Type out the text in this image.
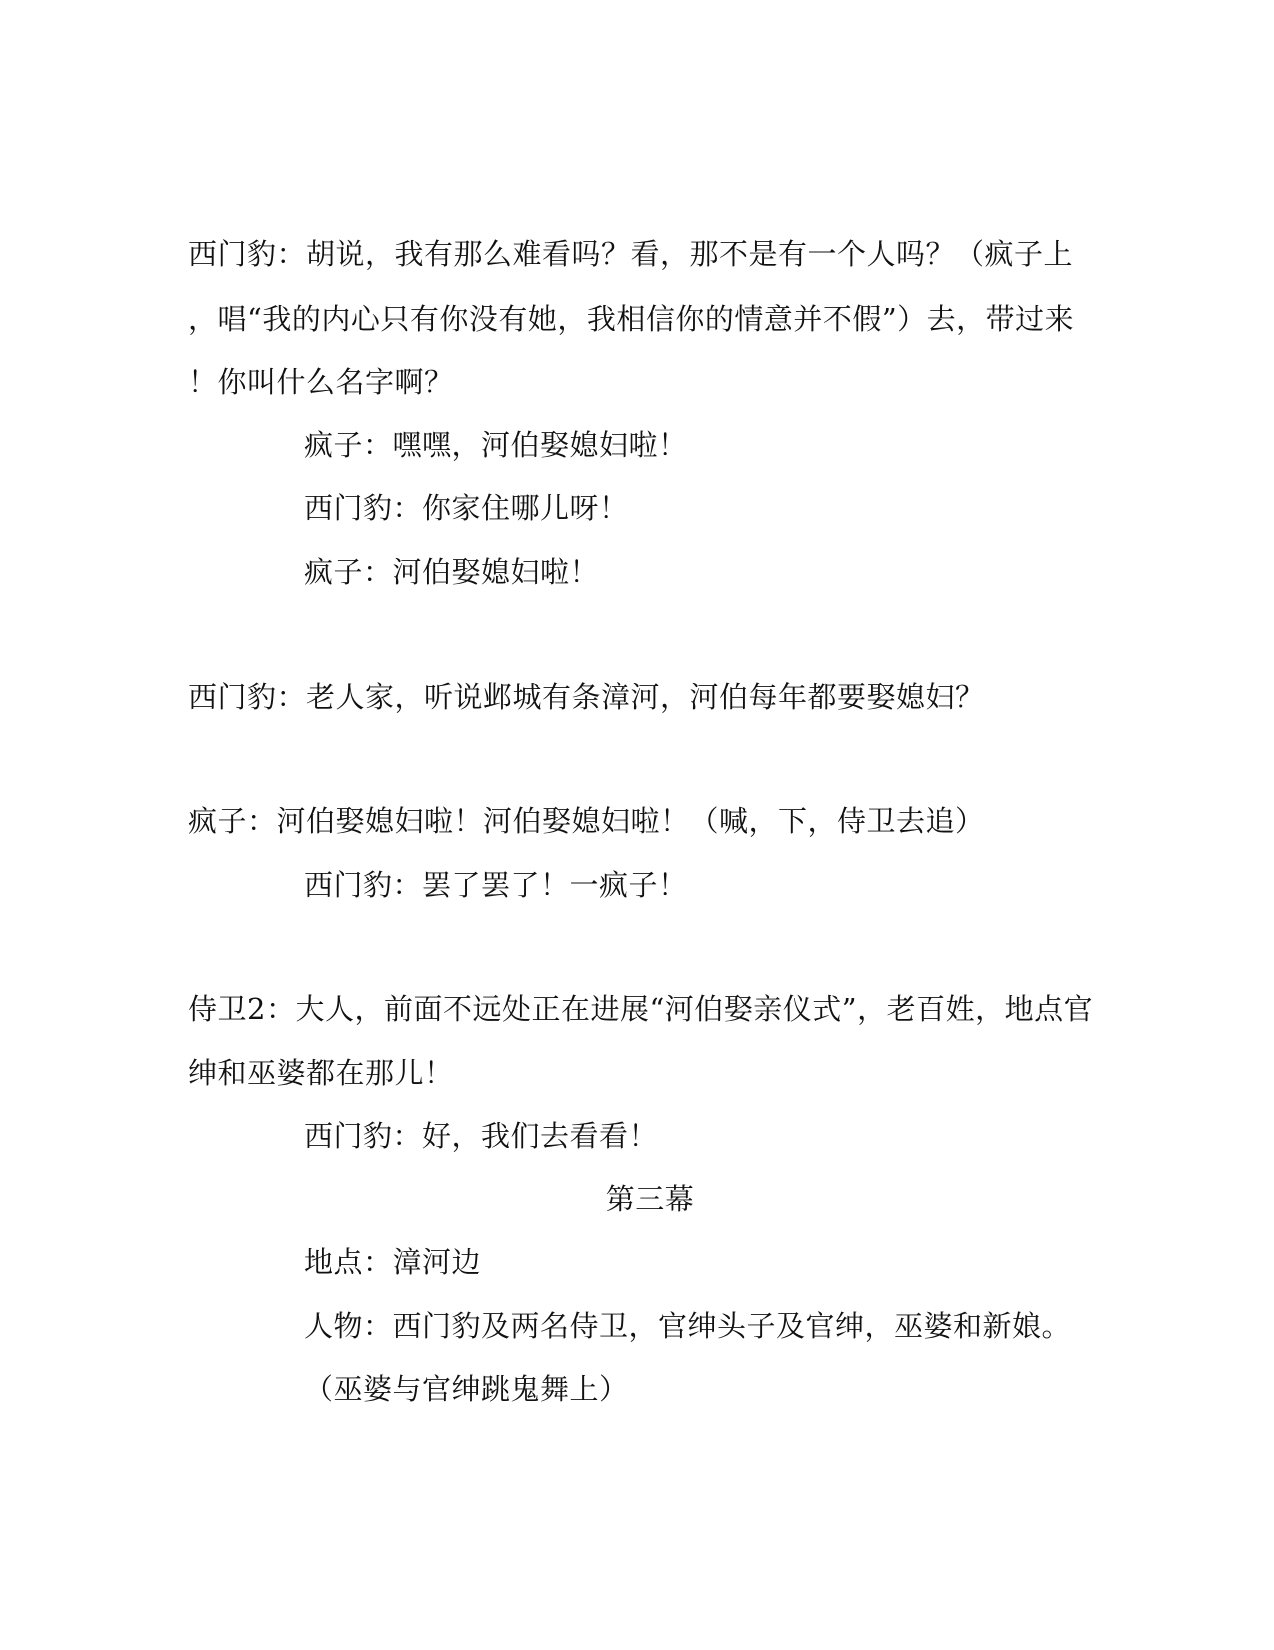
西门豹：胡说，我有那么难看吗？看，那不是有一个人吗？（疯子上
，唱“我的内心只有你没有她，我相信你的情意并不假”）去，带过来
！你叫什么名字啊？
疯子：嘿嘿，河伯娶媳妇啦！
西门豹：你家住哪儿呀！
疯子：河伯娶媳妇啦！
西门豹：老人家，听说邺城有条漳河，河伯每年都要娶媳妇？
疯子：河伯娶媳妇啦！河伯娶媳妇啦！（喊，下，侍卫去追）
西门豹：罢了罢了！一疯子！
侍卫2：大人，前面不远处正在进展“河伯娶亲仪式”，老百姓，地点官
绅和巫婆都在那儿！
西门豹：好，我们去看看！
第三幕
地点：漳河边
人物：西门豹及两名侍卫，官绅头子及官绅，巫婆和新娘。
（巫婆与官绅跳鬼舞上）
